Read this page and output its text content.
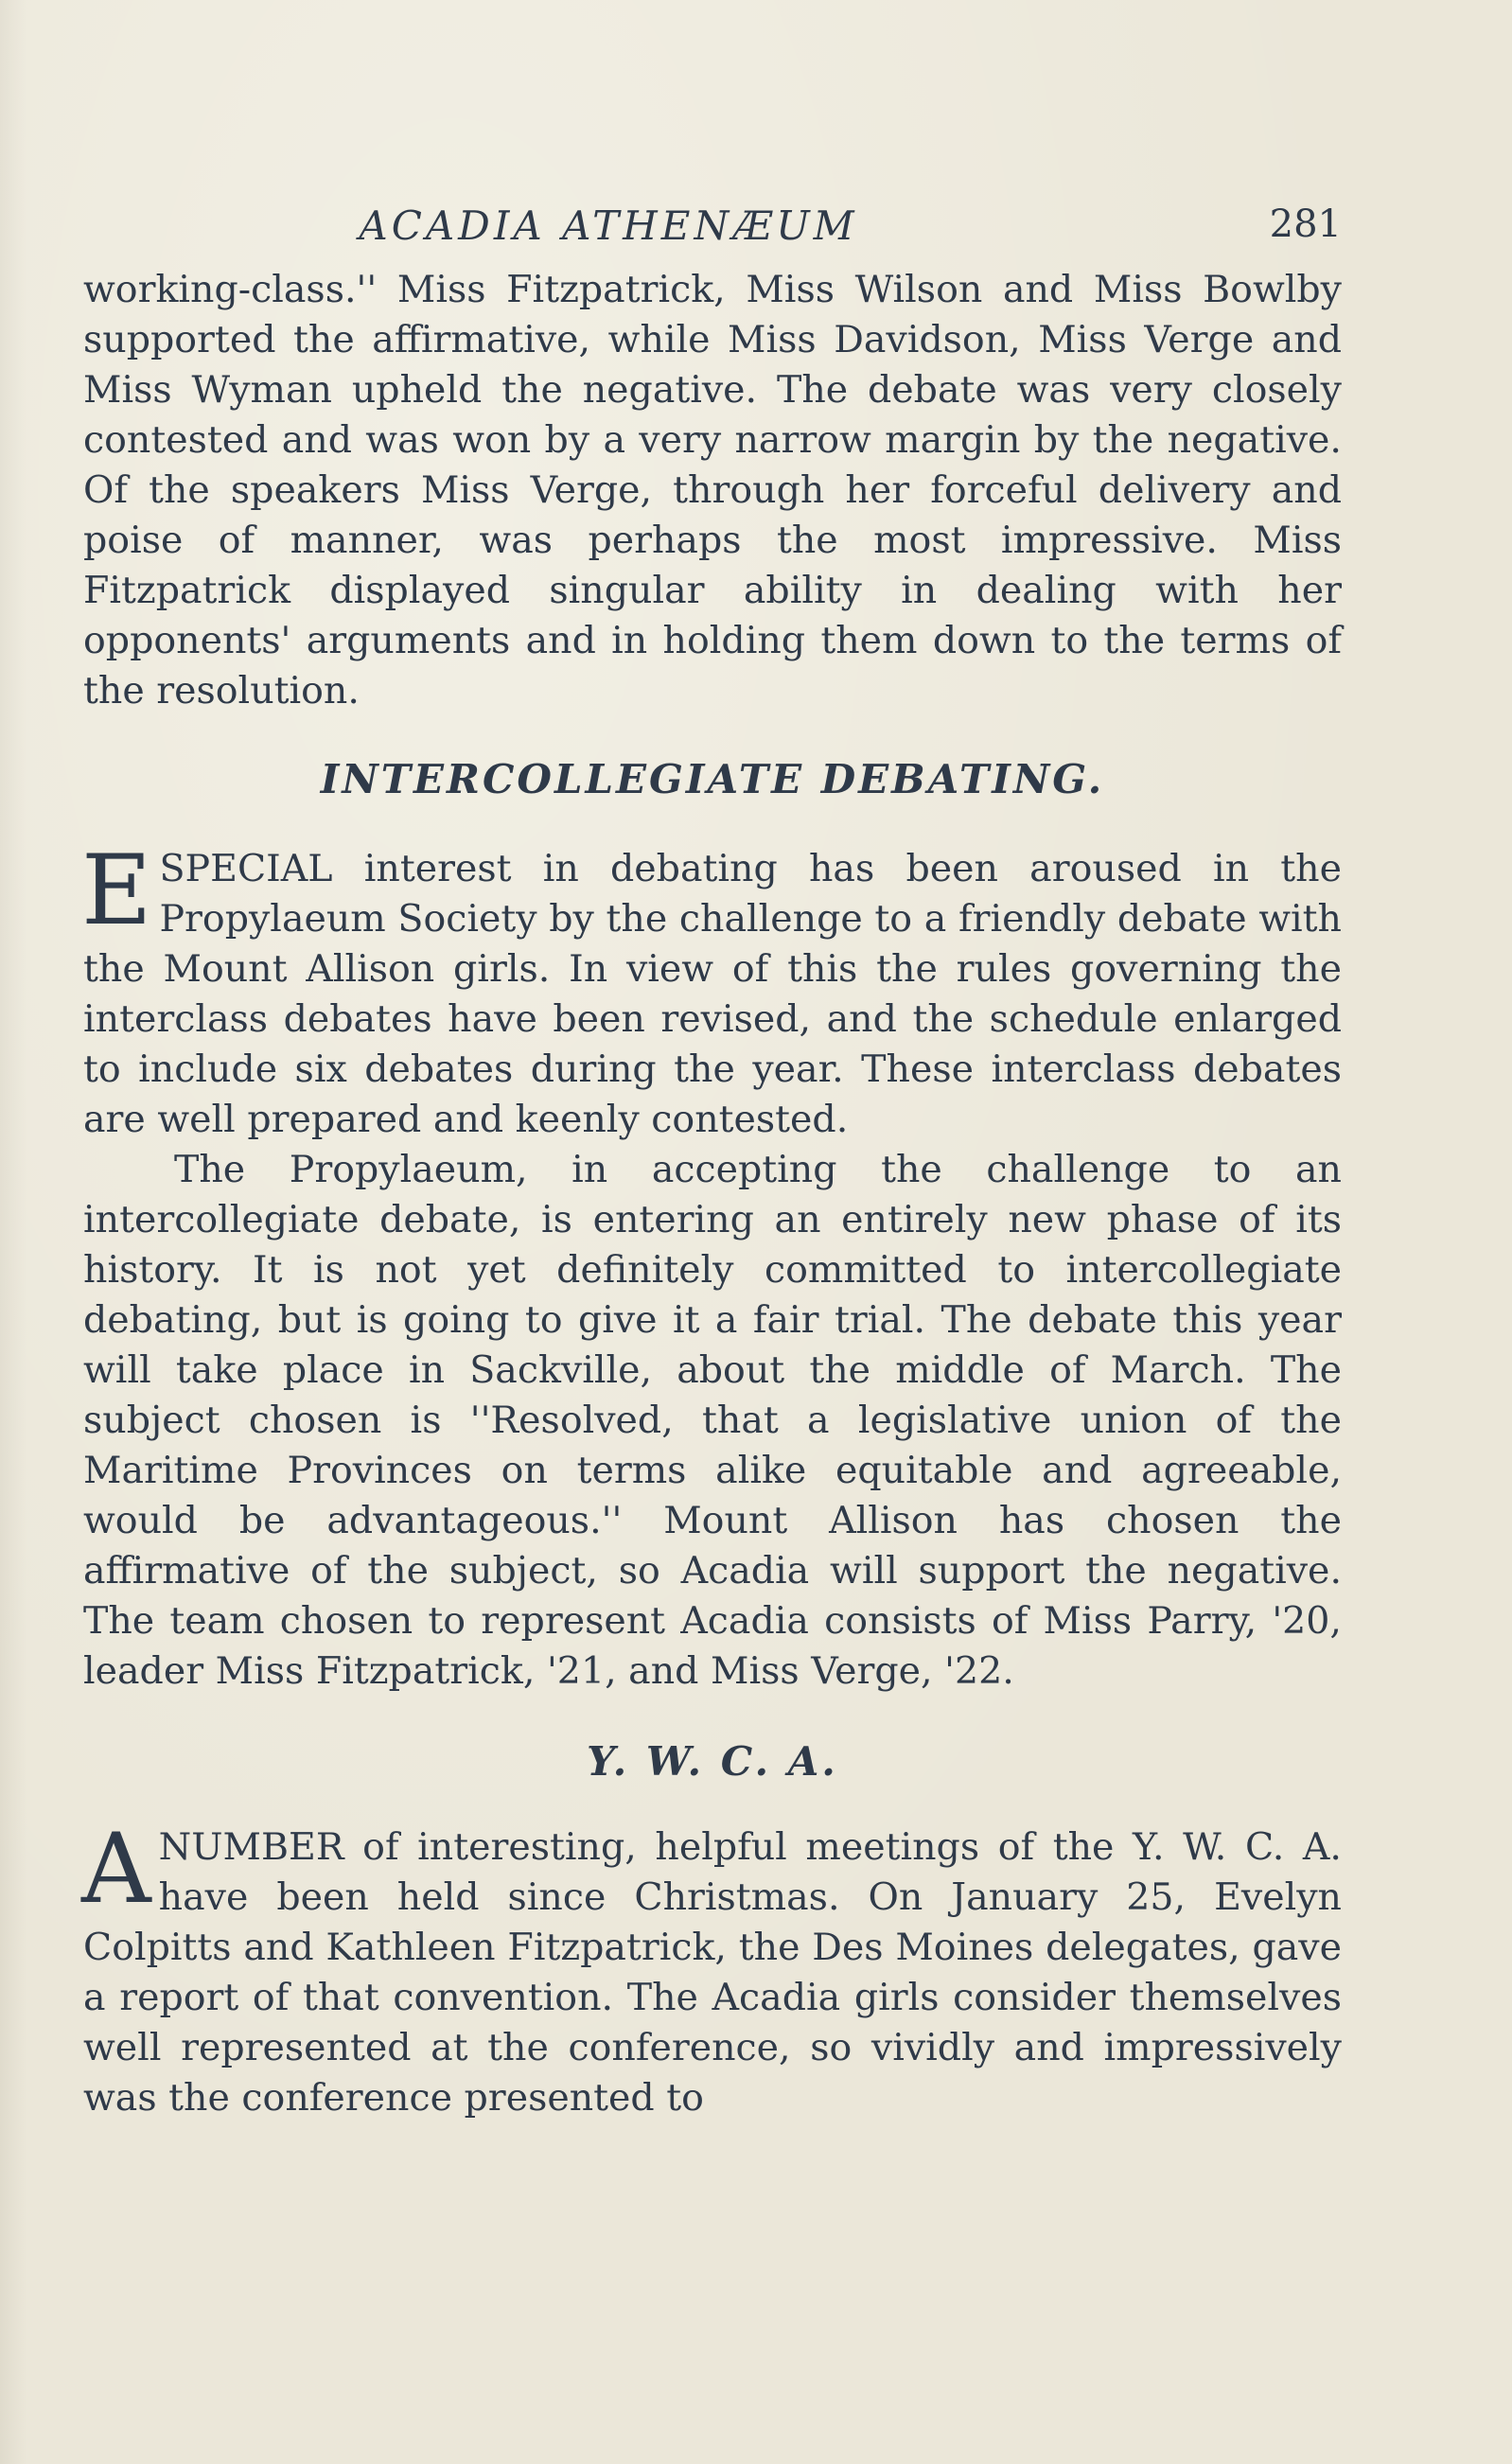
ACADIA ATHENÆUM	281

working-class.'' Miss Fitzpatrick, Miss Wilson and Miss Bowlby supported the affirmative, while Miss Davidson, Miss Verge and Miss Wyman upheld the negative. The debate was very closely contested and was won by a very narrow margin by the negative. Of the speakers Miss Verge, through her forceful delivery and poise of manner, was perhaps the most impressive. Miss Fitzpatrick displayed singular ability in dealing with her opponents' arguments and in holding them down to the terms of the resolution.

INTERCOLLEGIATE DEBATING.

ESPECIAL interest in debating has been aroused in the Propylaeum Society by the challenge to a friendly debate with the Mount Allison girls. In view of this the rules governing the interclass debates have been revised, and the schedule enlarged to include six debates during the year. These interclass debates are well prepared and keenly contested.

The Propylaeum, in accepting the challenge to an intercollegiate debate, is entering an entirely new phase of its history. It is not yet definitely committed to intercollegiate debating, but is going to give it a fair trial. The debate this year will take place in Sackville, about the middle of March. The subject chosen is ''Resolved, that a legislative union of the Maritime Provinces on terms alike equitable and agreeable, would be advantageous.'' Mount Allison has chosen the affirmative of the subject, so Acadia will support the negative. The team chosen to represent Acadia consists of Miss Parry, '20, leader Miss Fitzpatrick, '21, and Miss Verge, '22.

Y. W. C. A.

ANUMBER of interesting, helpful meetings of the Y. W. C. A. have been held since Christmas. On January 25, Evelyn Colpitts and Kathleen Fitzpatrick, the Des Moines delegates, gave a report of that convention. The Acadia girls consider themselves well represented at the conference, so vividly and impressively was the conference presented to
